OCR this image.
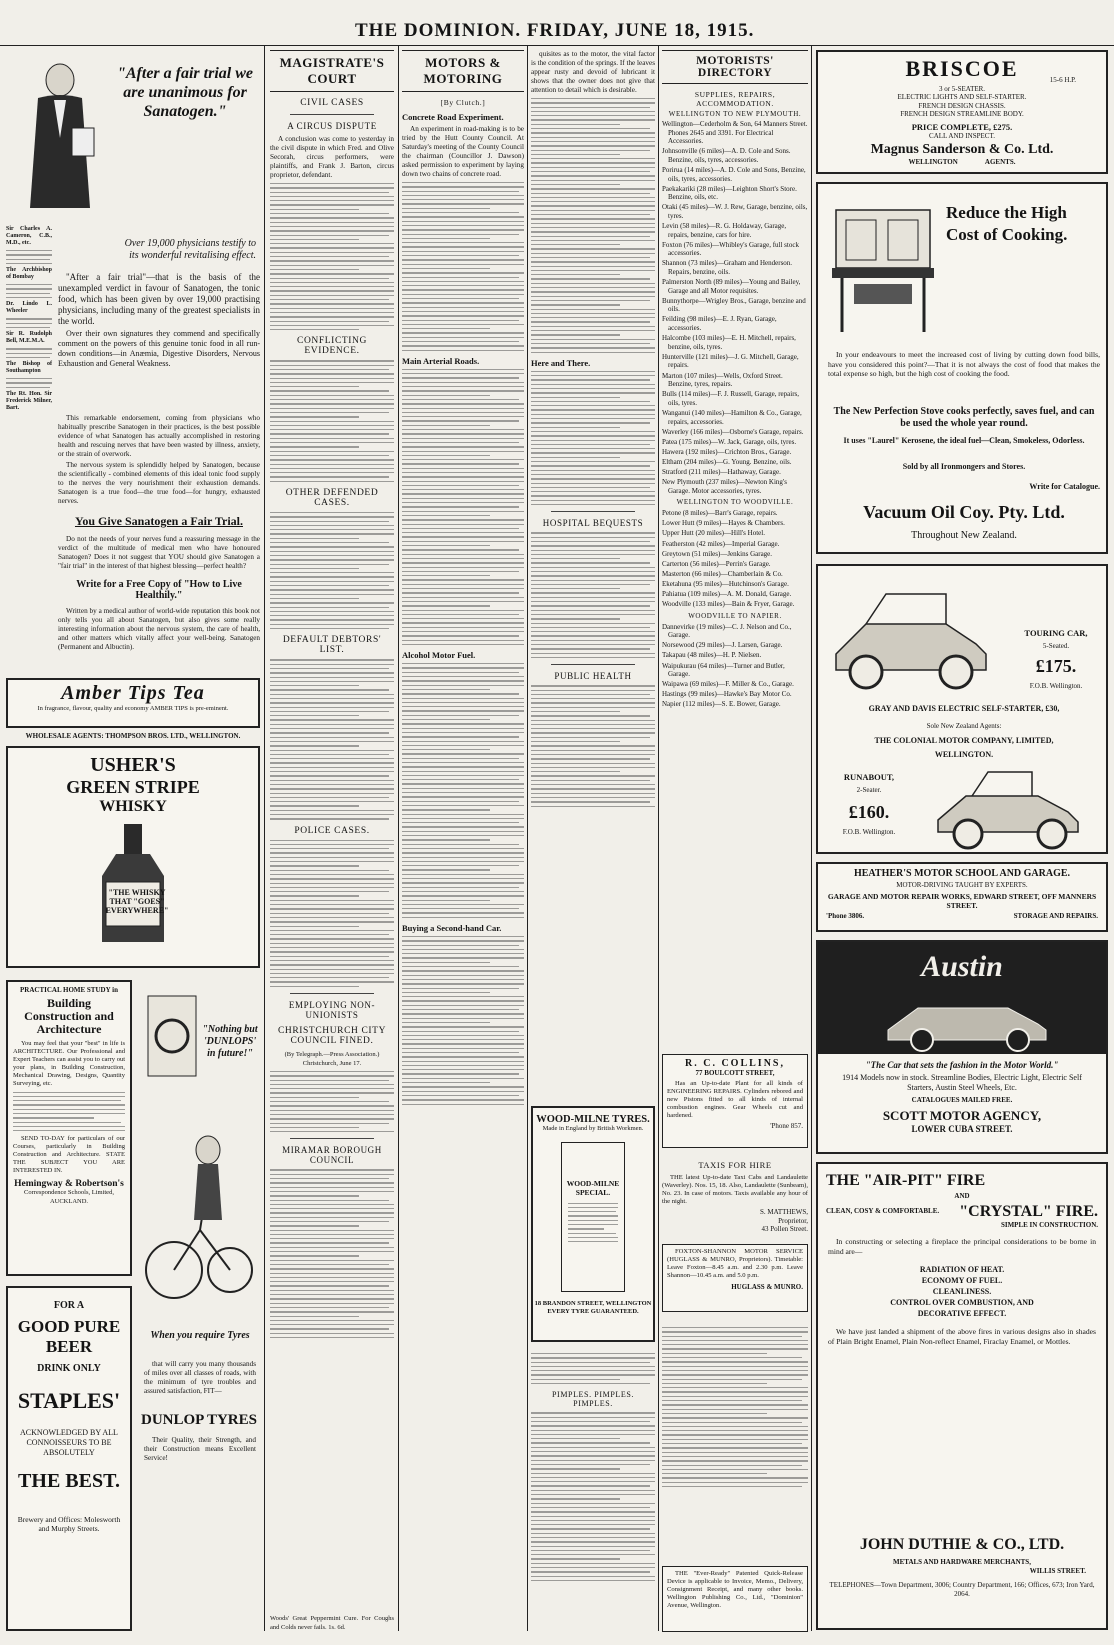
THE DOMINION. FRIDAY, JUNE 18, 1915.
"After a fair trial we are unanimous for Sanatogen."
Over 19,000 physicians testify to its wonderful revitalising effect.
Sir Charles A. Cameron, C.B., M.D., etc.
The Archbishop of Bombay
Dr. Lindo L. Wheeler
Sir R. Rudolph Bell, M.E.M.A.
The Bishop of Southampton
The Rt. Hon. Sir Frederick Milner, Bart.
"After a fair trial"—that is the basis of the unexampled verdict in favour of Sanatogen, the tonic food, which has been given by over 19,000 practising physicians, including many of the greatest specialists in the world.
Over their own signatures they commend and specifically comment on the powers of this genuine tonic food in all run-down conditions—in Anæmia, Digestive Disorders, Nervous Exhaustion and General Weakness.
This remarkable endorsement, coming from physicians who habitually prescribe Sanatogen in their practices, is the best possible evidence of what Sanatogen has actually accomplished in restoring health and rescuing nerves that have been wasted by illness, anxiety, or the strain of overwork.
The nervous system is splendidly helped by Sanatogen, because the scientifically - combined elements of this ideal tonic food supply to the nerves the very nourishment their exhaustion demands. Sanatogen is a true food—the true food—for hungry, exhausted nerves.
You Give Sanatogen a Fair Trial.
Do not the needs of your nerves fund a reassuring message in the verdict of the multitude of medical men who have honoured Sanatogen? Does it not suggest that YOU should give Sanatogen a "fair trial" in the interest of that highest blessing—perfect health?
Write for a Free Copy of "How to Live Healthily."
Written by a medical author of world-wide reputation this book not only tells you all about Sanatogen, but also gives some really interesting information about the nervous system, the care of health, and other matters which vitally affect your well-being. Sanatogen (Permanent and Albuctin).
Amber Tips Tea
In fragrance, flavour, quality and economy AMBER TIPS is pre-eminent.
WHOLESALE AGENTS: THOMPSON BROS. LTD., WELLINGTON.
USHER'S
GREEN STRIPE
WHISKY
"THE WHISKY THAT "GOES" EVERYWHERE"
PRACTICAL HOME STUDY in
Building Construction and Architecture
You may feel that your "best" in life is ARCHITECTURE. Our Professional and Expert Teachers can assist you to carry out your plans, in Building Construction, Mechanical Drawing, Designs, Quantity Surveying, etc.
SEND TO-DAY for particulars of our Courses, particularly in Building Construction and Architecture. STATE THE SUBJECT YOU ARE INTERESTED IN.
Hemingway & Robertson's
Correspondence Schools, Limited, AUCKLAND.
FOR A
GOOD PURE BEER
DRINK ONLY
STAPLES'
ACKNOWLEDGED BY ALL CONNOISSEURS TO BE ABSOLUTELY
THE BEST.
Brewery and Offices: Molesworth and Murphy Streets.
"Nothing but 'DUNLOPS' in future!"
When you require Tyres
that will carry you many thousands of miles over all classes of roads, with the minimum of tyre troubles and assured satisfaction, FIT—
DUNLOP TYRES
Their Quality, their Strength, and their Construction means Excellent Service!
MAGISTRATE'S COURT
CIVIL CASES
A CIRCUS DISPUTE
A conclusion was come to yesterday in the civil dispute in which Fred. and Olive Secorah, circus performers, were plaintiffs, and Frank J. Barton, circus proprietor, defendant.
CONFLICTING EVIDENCE.
OTHER DEFENDED CASES.
DEFAULT DEBTORS' LIST.
POLICE CASES.
EMPLOYING NON-UNIONISTS
CHRISTCHURCH CITY COUNCIL FINED.
(By Telegraph.—Press Association.) Christchurch, June 17.
MIRAMAR BOROUGH COUNCIL
Woods' Great Peppermint Cure. For Coughs and Colds never fails. 1s. 6d.
MOTORS & MOTORING
[By Clutch.]
Concrete Road Experiment.
An experiment in road-making is to be tried by the Hutt County Council. At Saturday's meeting of the County Council the chairman (Councillor J. Dawson) asked permission to experiment by laying down two chains of concrete road.
Main Arterial Roads.
Alcohol Motor Fuel.
Buying a Second-hand Car.
quisites as to the motor, the vital factor is the condition of the springs. If the leaves appear rusty and devoid of lubricant it shows that the owner does not give that attention to detail which is desirable.
Here and There.
HOSPITAL BEQUESTS
PUBLIC HEALTH
WOOD-MILNE TYRES.
Made in England by British Workmen.
WOOD-MILNE SPECIAL.
18 BRANDON STREET, WELLINGTON
EVERY TYRE GUARANTEED.
PIMPLES. PIMPLES. PIMPLES.
MOTORISTS' DIRECTORY
SUPPLIES, REPAIRS, ACCOMMODATION.
WELLINGTON TO NEW PLYMOUTH.
Wellington—Cederholm & Son, 64 Manners Street. Phones 2645 and 3391. For Electrical Accessories.
Johnsonville (6 miles)—A. D. Cole and Sons. Benzine, oils, tyres, accessories.
Porirua (14 miles)—A. D. Cole and Sons, Benzine, oils, tyres, accessories.
Paekakariki (28 miles)—Leighton Short's Store. Benzine, oils, etc.
Otaki (45 miles)—W. J. Rew, Garage, benzine, oils, tyres.
Levin (58 miles)—R. G. Holdaway, Garage, repairs, benzine, cars for hire.
Foxton (76 miles)—Whibley's Garage, full stock accessories.
Shannon (73 miles)—Graham and Henderson. Repairs, benzine, oils.
Palmerston North (89 miles)—Young and Bailey, Garage and all Motor requisites.
Bunnythorpe—Wrigley Bros., Garage, benzine and oils.
Feilding (98 miles)—E. J. Ryan, Garage, accessories.
Halcombe (103 miles)—E. H. Mitchell, repairs, benzine, oils, tyres.
Hunterville (121 miles)—J. G. Mitchell, Garage, repairs.
Marton (107 miles)—Wells, Oxford Street. Benzine, tyres, repairs.
Bulls (114 miles)—F. J. Russell, Garage, repairs, oils, tyres.
Wanganui (140 miles)—Hamilton & Co., Garage, repairs, accessories.
Waverley (166 miles)—Osborne's Garage, repairs.
Patea (175 miles)—W. Jack, Garage, oils, tyres.
Hawera (192 miles)—Crichton Bros., Garage.
Eltham (204 miles)—G. Young. Benzine, oils.
Stratford (211 miles)—Hathaway, Garage.
New Plymouth (237 miles)—Newton King's Garage. Motor accessories, tyres.
WELLINGTON TO WOODVILLE.
Petone (8 miles)—Barr's Garage, repairs.
Lower Hutt (9 miles)—Hayes & Chambers.
Upper Hutt (20 miles)—Hill's Hotel.
Featherston (42 miles)—Imperial Garage.
Greytown (51 miles)—Jenkins Garage.
Carterton (56 miles)—Perrin's Garage.
Masterton (66 miles)—Chamberlain & Co.
Eketahuna (95 miles)—Hutchinson's Garage.
Pahiatua (109 miles)—A. M. Donald, Garage.
Woodville (133 miles)—Bain & Fryer, Garage.
WOODVILLE TO NAPIER.
Dannevirke (19 miles)—C. J. Nelson and Co., Garage.
Norsewood (29 miles)—J. Larsen, Garage.
Takapau (48 miles)—H. P. Nielsen.
Waipukurau (64 miles)—Turner and Butler, Garage.
Waipawa (69 miles)—F. Miller & Co., Garage.
Hastings (99 miles)—Hawke's Bay Motor Co.
Napier (112 miles)—S. E. Bower, Garage.
R. C. COLLINS,
77 BOULCOTT STREET,
Has an Up-to-date Plant for all kinds of ENGINEERING REPAIRS. Cylinders rebored and new Pistons fitted to all kinds of internal combustion engines. Gear Wheels cut and hardened.
'Phone 857.
TAXIS FOR HIRE
THE latest Up-to-date Taxi Cabs and Landaulette (Waverley). Nos. 15, 18. Also, Landaulette (Sunbeam), No. 23. In case of motors. Taxis available any hour of the night.
S. MATTHEWS,
Proprietor,
43 Pollen Street.
FOXTON-SHANNON MOTOR SERVICE (HUGLASS & MUNRO, Proprietors). Timetable: Leave Foxton—8.45 a.m. and 2.30 p.m. Leave Shannon—10.45 a.m. and 5.0 p.m.
HUGLASS & MUNRO.
THE "Ever-Ready" Patented Quick-Release Device is applicable to Invoice, Memo., Delivery, Consignment Receipt, and many other books. Wellington Publishing Co., Ltd., "Dominion" Avenue, Wellington.
BRISCOE	15-6 H.P.
3 or 5-SEATER.
ELECTRIC LIGHTS AND SELF-STARTER.
FRENCH DESIGN CHASSIS.
FRENCH DESIGN STREAMLINE BODY.
PRICE COMPLETE, £275.
CALL AND INSPECT.
Magnus Sanderson & Co. Ltd.
WELLINGTON	AGENTS.
Reduce the High Cost of Cooking.
In your endeavours to meet the increased cost of living by cutting down food bills, have you considered this point?—That it is not always the cost of food that makes the total expense so high, but the high cost of cooking the food.
The New Perfection Stove cooks perfectly, saves fuel, and can be used the whole year round.
It uses "Laurel" Kerosene, the ideal fuel—Clean, Smokeless, Odorless.
Sold by all Ironmongers and Stores.
Write for Catalogue.
Vacuum Oil Coy. Pty. Ltd.
Throughout New Zealand.
TOURING CAR,
5-Seated.
£175.
F.O.B. Wellington.
GRAY AND DAVIS ELECTRIC SELF-STARTER, £30,
Sole New Zealand Agents:
THE COLONIAL MOTOR COMPANY, LIMITED,
WELLINGTON.
RUNABOUT,
2-Seater.
£160.
F.O.B. Wellington.
HEATHER'S MOTOR SCHOOL AND GARAGE.
MOTOR-DRIVING TAUGHT BY EXPERTS.
GARAGE AND MOTOR REPAIR WORKS, EDWARD STREET, OFF MANNERS STREET.
'Phone 3806.	STORAGE AND REPAIRS.
Austin
"The Car that sets the fashion in the Motor World."
1914 Models now in stock. Streamline Bodies, Electric Light, Electric Self Starters, Austin Steel Wheels, Etc.
CATALOGUES MAILED FREE.
SCOTT MOTOR AGENCY,
LOWER CUBA STREET.
THE "AIR-PIT" FIRE
AND
CLEAN, COSY & COMFORTABLE.	"CRYSTAL" FIRE.
SIMPLE IN CONSTRUCTION.
In constructing or selecting a fireplace the principal considerations to be borne in mind are—
RADIATION OF HEAT.
ECONOMY OF FUEL.
CLEANLINESS.
CONTROL OVER COMBUSTION, AND
DECORATIVE EFFECT.
We have just landed a shipment of the above fires in various designs also in shades of Plain Bright Enamel, Plain Non-reflect Enamel, Firaclay Enamel, or Mottles.
JOHN DUTHIE & CO., LTD.
METALS AND HARDWARE MERCHANTS,
WILLIS STREET.
TELEPHONES—Town Department, 3006; Country Department, 166; Offices, 673; Iron Yard, 2064.
